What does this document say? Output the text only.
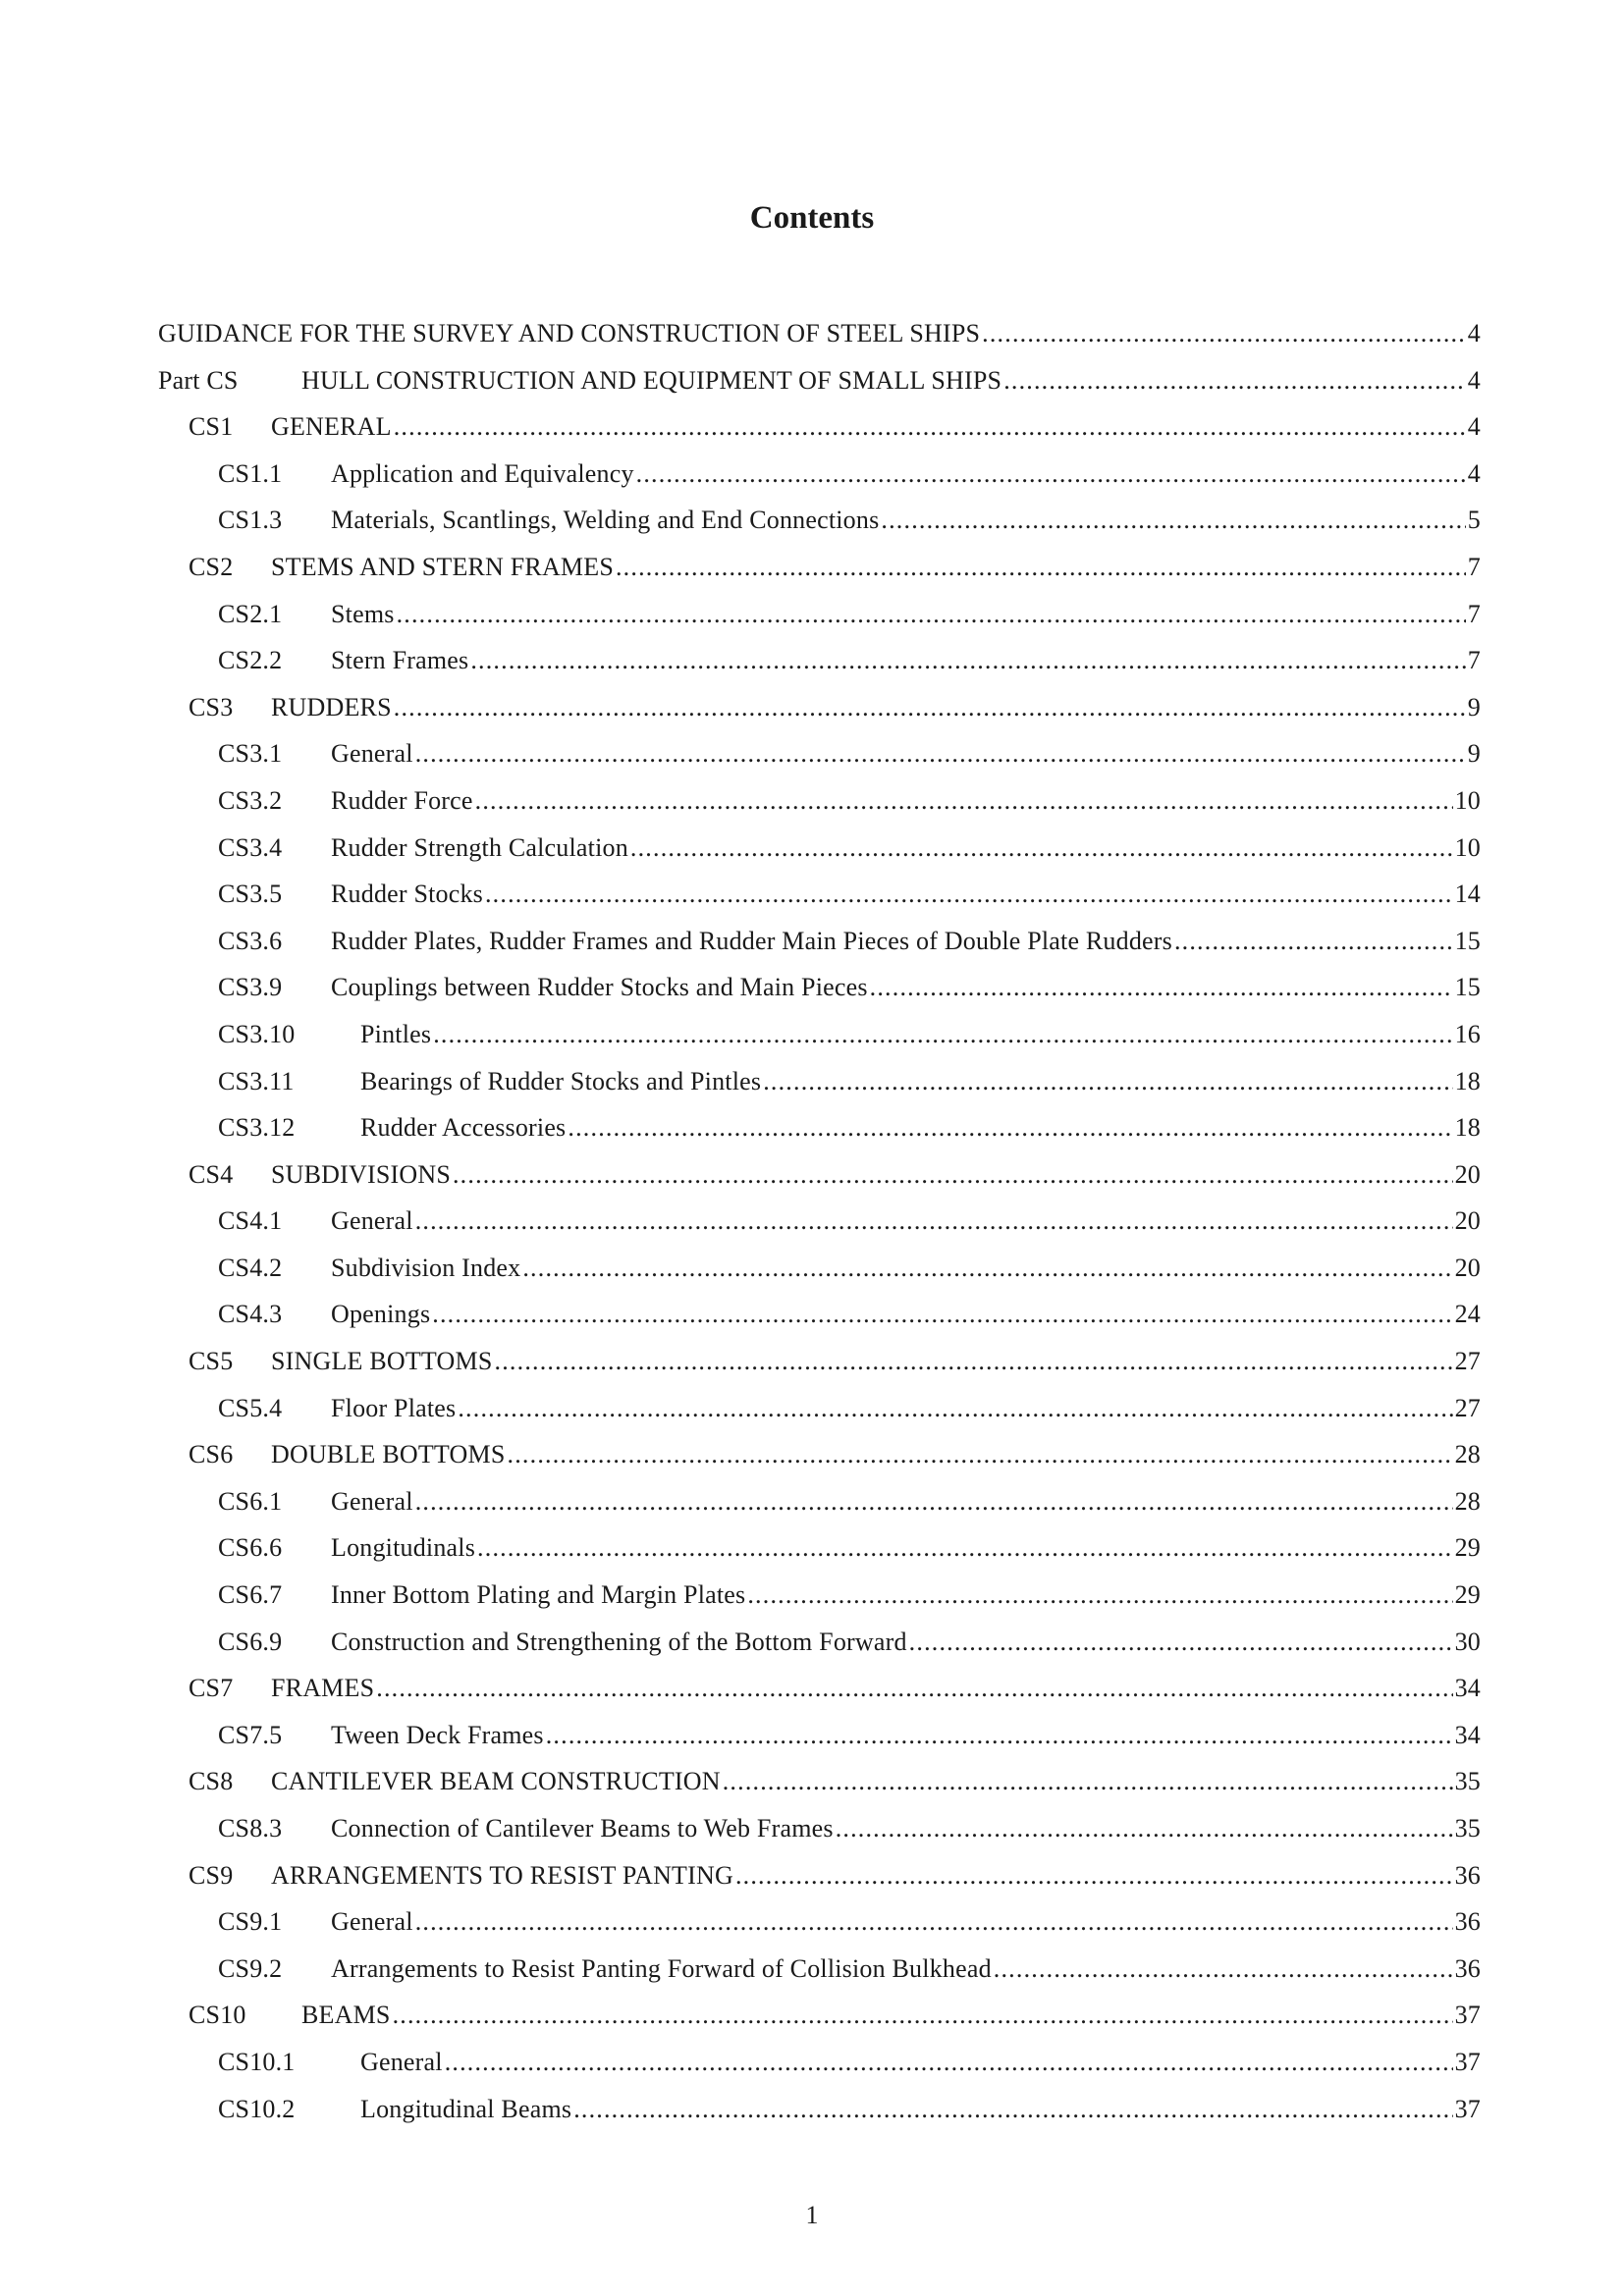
Contents
GUIDANCE FOR THE SURVEY AND CONSTRUCTION OF STEEL SHIPS .....	4
Part CS	HULL CONSTRUCTION AND EQUIPMENT OF SMALL SHIPS .....	4
CS1	GENERAL .....	4
CS1.1	Application and Equivalency .....	4
CS1.3	Materials, Scantlings, Welding and End Connections .....	5
CS2	STEMS AND STERN FRAMES .....	7
CS2.1	Stems .....	7
CS2.2	Stern Frames .....	7
CS3	RUDDERS .....	9
CS3.1	General .....	9
CS3.2	Rudder Force .....	10
CS3.4	Rudder Strength Calculation .....	10
CS3.5	Rudder Stocks .....	14
CS3.6	Rudder Plates, Rudder Frames and Rudder Main Pieces of Double Plate Rudders .....	15
CS3.9	Couplings between Rudder Stocks and Main Pieces .....	15
CS3.10	Pintles .....	16
CS3.11	Bearings of Rudder Stocks and Pintles .....	18
CS3.12	Rudder Accessories .....	18
CS4	SUBDIVISIONS .....	20
CS4.1	General .....	20
CS4.2	Subdivision Index .....	20
CS4.3	Openings .....	24
CS5	SINGLE BOTTOMS .....	27
CS5.4	Floor Plates .....	27
CS6	DOUBLE BOTTOMS .....	28
CS6.1	General .....	28
CS6.6	Longitudinals .....	29
CS6.7	Inner Bottom Plating and Margin Plates .....	29
CS6.9	Construction and Strengthening of the Bottom Forward .....	30
CS7	FRAMES .....	34
CS7.5	Tween Deck Frames .....	34
CS8	CANTILEVER BEAM CONSTRUCTION .....	35
CS8.3	Connection of Cantilever Beams to Web Frames .....	35
CS9	ARRANGEMENTS TO RESIST PANTING .....	36
CS9.1	General .....	36
CS9.2	Arrangements to Resist Panting Forward of Collision Bulkhead .....	36
CS10	BEAMS .....	37
CS10.1	General .....	37
CS10.2	Longitudinal Beams .....	37
1
